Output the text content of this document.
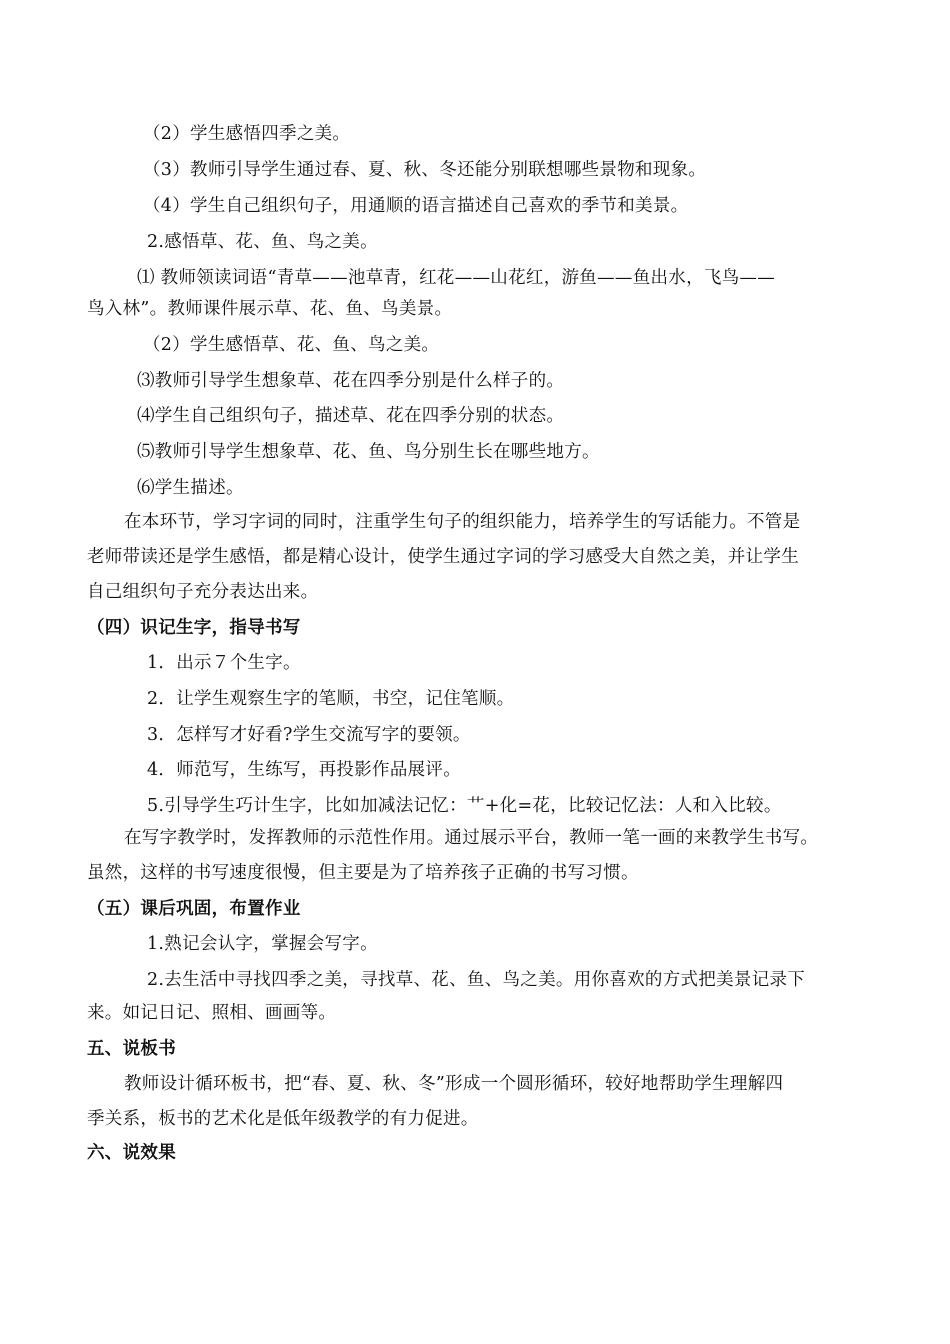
（2）学生感悟四季之美。
（3）教师引导学生通过春、夏、秋、冬还能分别联想哪些景物和现象。
（4）学生自己组织句子，用通顺的语言描述自己喜欢的季节和美景。
2.感悟草、花、鱼、鸟之美。
⑴ 教师领读词语“青草——池草青，红花——山花红，游鱼——鱼出水，飞鸟——
鸟入林”。教师课件展示草、花、鱼、鸟美景。
（2）学生感悟草、花、鱼、鸟之美。
⑶教师引导学生想象草、花在四季分别是什么样子的。
⑷学生自己组织句子，描述草、花在四季分别的状态。
⑸教师引导学生想象草、花、鱼、鸟分别生长在哪些地方。
⑹学生描述。
在本环节，学习字词的同时，注重学生句子的组织能力，培养学生的写话能力。不管是
老师带读还是学生感悟，都是精心设计，使学生通过字词的学习感受大自然之美，并让学生
自己组织句子充分表达出来。
（四）识记生字，指导书写
1．出示７个生字。
2．让学生观察生字的笔顺，书空，记住笔顺。
3．怎样写才好看?学生交流写字的要领。
4．师范写，生练写，再投影作品展评。
5.引导学生巧计生字，比如加减法记忆：艹+化=花，比较记忆法：人和入比较。
在写字教学时，发挥教师的示范性作用。通过展示平台，教师一笔一画的来教学生书写。
虽然，这样的书写速度很慢，但主要是为了培养孩子正确的书写习惯。
（五）课后巩固，布置作业
1.熟记会认字，掌握会写字。
2.去生活中寻找四季之美，寻找草、花、鱼、鸟之美。用你喜欢的方式把美景记录下
来。如记日记、照相、画画等。
五、说板书
教师设计循环板书，把“春、夏、秋、冬”形成一个圆形循环，较好地帮助学生理解四
季关系，板书的艺术化是低年级教学的有力促进。
六、说效果
